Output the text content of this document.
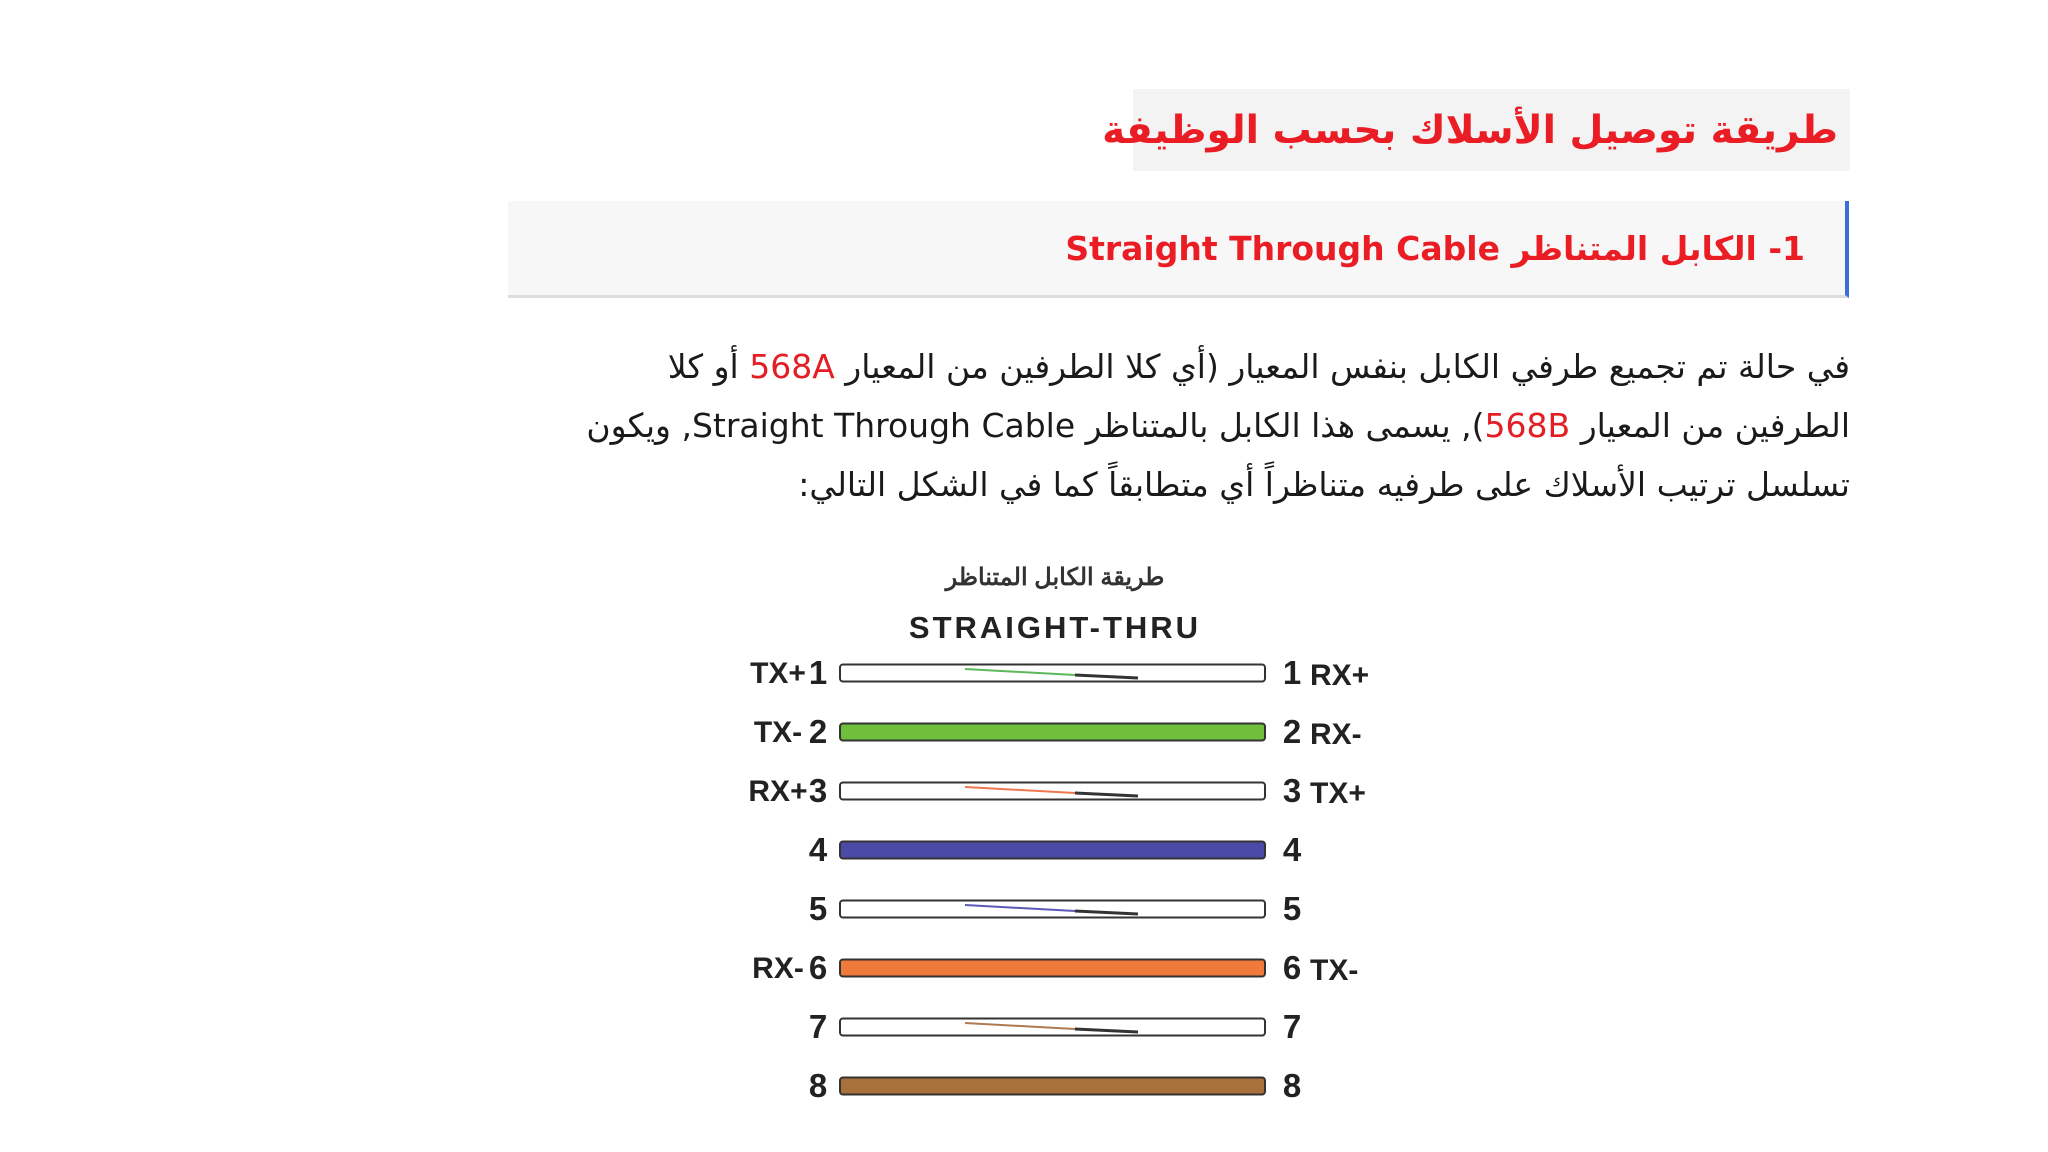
طريقة توصيل الأسلاك بحسب الوظيفة
1- الكابل المتناظر Straight Through Cable
في حالة تم تجميع طرفي الكابل بنفس المعيار (أي كلا الطرفين من المعيار 568A أو كلا
الطرفين من المعيار 568B), يسمى هذا الكابل بالمتناظر Straight Through Cable, ويكون
تسلسل ترتيب الأسلاك على طرفيه متناظراً أي متطابقاً كما في الشكل التالي:
طريقة الكابل المتناظر
STRAIGHT-THRU
TX+ 1	1 RX+
TX- 2	2 RX-
RX+ 3	3 TX+
4	4
5	5
RX- 6	6 TX-
7	7
8	8
